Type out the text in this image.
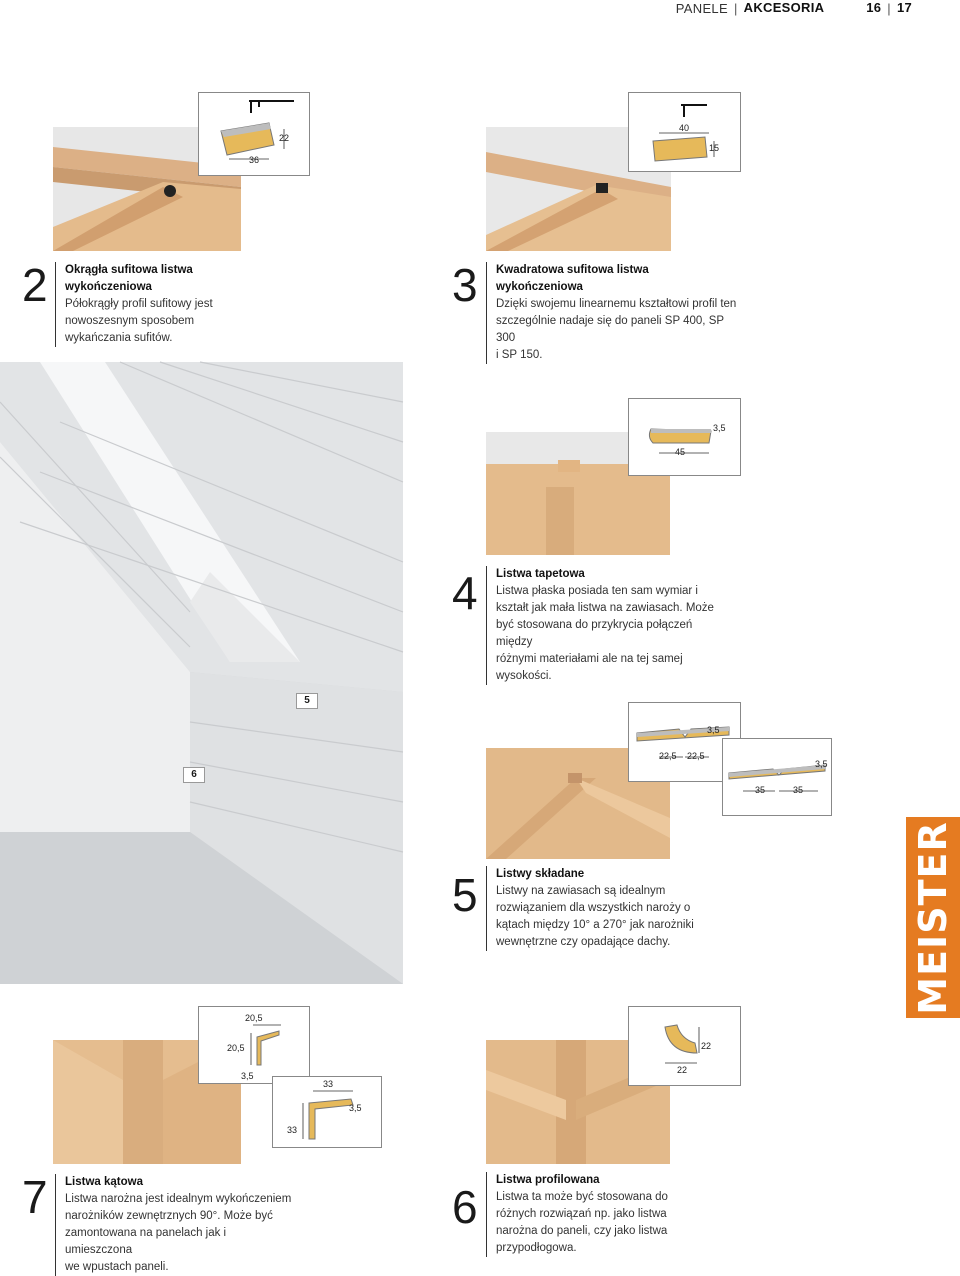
PANELE | AKCESORIA	16 | 17
22
36
40
15
2 Okrągła sufitowa listwa
wykończeniowa
Półokrągły profil sufitowy jest
nowoszesnym sposobem
wykańczania sufitów.
3 Kwadratowa sufitowa listwa
wykończeniowa
Dzięki swojemu linearnemu kształtowi profil ten
szczególnie nadaje się do paneli SP 400, SP 300
i SP 150.
5
6
3,5
45
4 Listwa tapetowa
Listwa płaska posiada ten sam wymiar i
kształt jak mała listwa na zawiasach. Może
być stosowana do przykrycia połączeń między
różnymi materiałami ale na tej samej
wysokości.
3,5
22,5 22,5
3,5
35	35
5 Listwy składane
Listwy na zawiasach są idealnym
rozwiązaniem dla wszystkich naroży o
kątach między 10° a 270° jak narożniki
wewnętrzne czy opadające dachy.	MEISTER
20,5
20,5
3,5
33
3,5
33
7 Listwa kątowa
Listwa narożna jest idealnym wykończeniem
narożników zewnętrznych 90°. Może być
zamontowana na panelach jak i umieszczona
we wpustach paneli.
22
22
6
Listwa profilowana
Listwa ta może być stosowana do
różnych rozwiązań np. jako listwa
narożna do paneli, czy jako listwa
przypodłogowa.
